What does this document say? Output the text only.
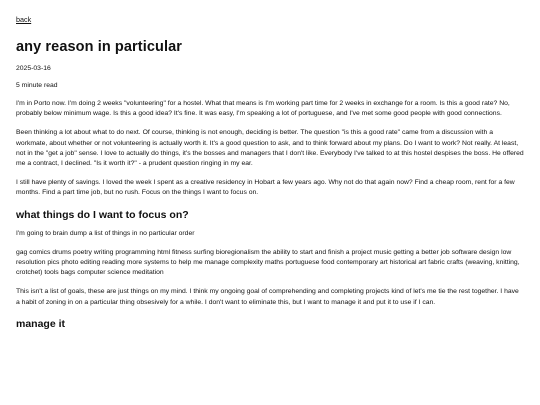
back
any reason in particular
2025-03-16
5 minute read

I'm in Porto now. I'm doing 2 weeks "volunteering" for a hostel. What that means is I'm working part time for 2 weeks in exchange for a room. Is this a good rate? No, probably below minimum wage. Is this a good idea? It's fine. It was easy, I'm speaking a lot of portuguese, and I've met some good people with good connections.

Been thinking a lot about what to do next. Of course, thinking is not enough, deciding is better. The question "is this a good rate" came from a discussion with a workmate, about whether or not volunteering is actually worth it. It's a good question to ask, and to think forward about my plans. Do I want to work? Not really. At least, not in the "get a job" sense. I love to actually do things, it's the bosses and managers that I don't like. Everybody I've talked to at this hostel despises the boss. He offered me a contract, I declined. "Is it worth it?" - a prudent question ringing in my ear.

I still have plenty of savings. I loved the week I spent as a creative residency in Hobart a few years ago. Why not do that again now? Find a cheap room, rent for a few months. Find a part time job, but no rush. Focus on the things I want to focus on.

what things do I want to focus on?

I'm going to brain dump a list of things in no particular order

gag comics drums poetry writing programming html fitness surfing bioregionalism the ability to start and finish a project music getting a better job software design low resolution pics photo editing reading more systems to help me manage complexity maths portuguese food contemporary art historical art fabric crafts (weaving, knitting, crotchet) tools bags computer science meditation

This isn't a list of goals, these are just things on my mind. I think my ongoing goal of comprehending and completing projects kind of let's me tie the rest together. I have a habit of zoning in on a particular thing obsesively for a while. I don't want to eliminate this, but I want to manage it and put it to use if I can.

manage it
